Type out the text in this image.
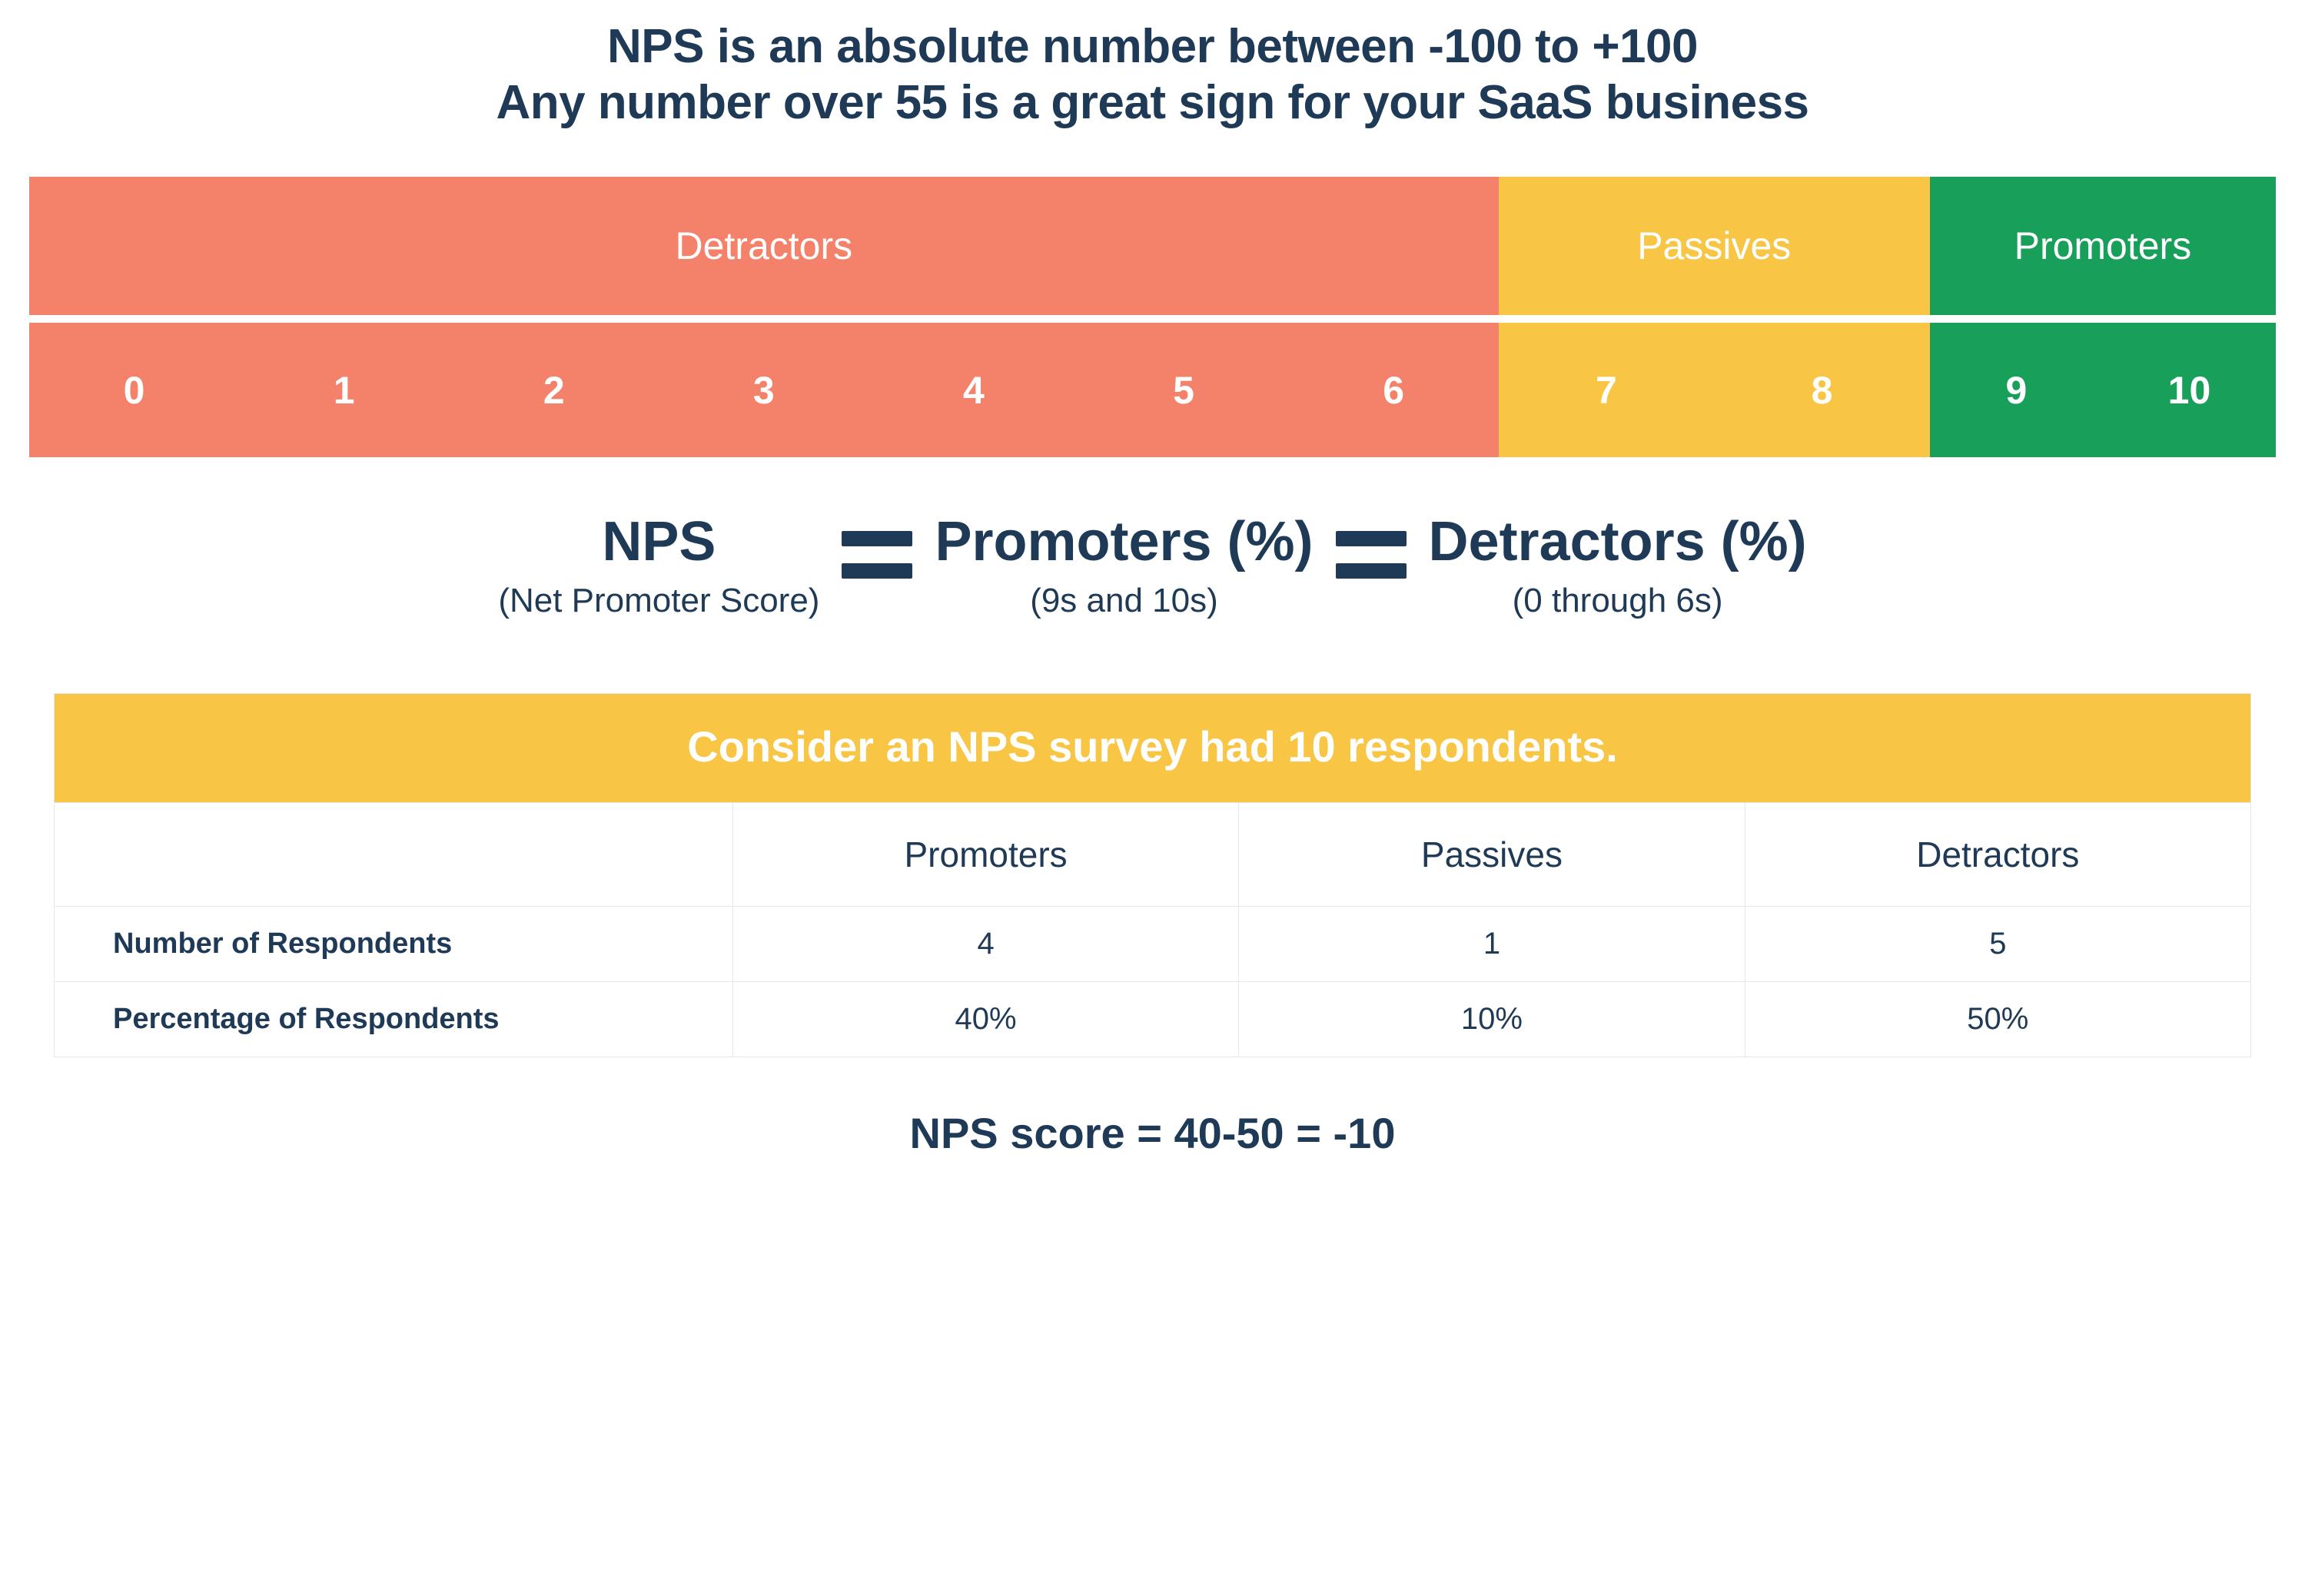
NPS is an absolute number between -100 to +100
Any number over 55 is a great sign for your SaaS business
Detractors	Passives	Promoters
0	1	2	3	4	5	6	7	8	9	10
NPS
(Net Promoter Score)
Promoters (%)
(9s and 10s)
Detractors (%)
(0 through 6s)
Consider an NPS survey had 10 respondents.
	Promoters	Passives	Detractors
Number of Respondents	4	1	5
Percentage of Respondents	40%	10%	50%
NPS score = 40-50 = -10
